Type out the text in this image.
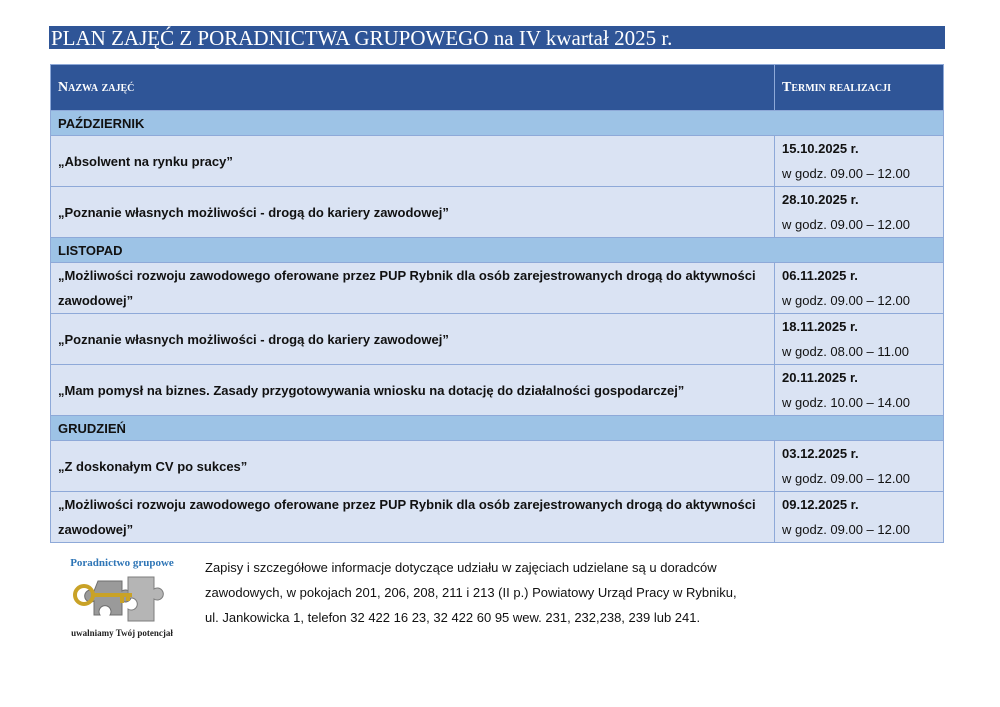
PLAN ZAJĘĆ Z PORADNICTWA GRUPOWEGO na IV kwartał 2025 r.
Nazwa zajęć	Termin realizacji
PAŹDZIERNIK	
„Absolwent na rynku pracy”	15.10.2025 r.
w godz. 09.00 – 12.00

„Poznanie własnych możliwości - drogą do kariery zawodowej”	28.10.2025 r.
w godz. 09.00 – 12.00

LISTOPAD	
„Możliwości rozwoju zawodowego oferowane przez PUP Rybnik dla osób zarejestrowanych drogą do aktywności zawodowej”	06.11.2025 r.
w godz. 09.00 – 12.00

„Poznanie własnych możliwości - drogą do kariery zawodowej”	18.11.2025 r.
w godz. 08.00 – 11.00

„Mam pomysł na biznes. Zasady przygotowywania wniosku na dotację do działalności gospodarczej”	20.11.2025 r.
w godz. 10.00 – 14.00

GRUDZIEŃ	
„Z doskonałym CV po sukces”	03.12.2025 r.
w godz. 09.00 – 12.00

„Możliwości rozwoju zawodowego oferowane przez PUP Rybnik dla osób zarejestrowanych drogą do aktywności zawodowej”	09.12.2025 r.
w godz. 09.00 – 12.00
Poradnictwo grupowe
uwalniamy Twój potencjał
Zapisy i szczegółowe informacje dotyczące udziału w zajęciach udzielane są u doradców
zawodowych, w pokojach 201, 206, 208, 211 i 213 (II p.) Powiatowy Urząd Pracy w Rybniku,
ul. Jankowicka 1, telefon 32 422 16 23, 32 422 60 95 wew. 231, 232,238, 239 lub 241.
